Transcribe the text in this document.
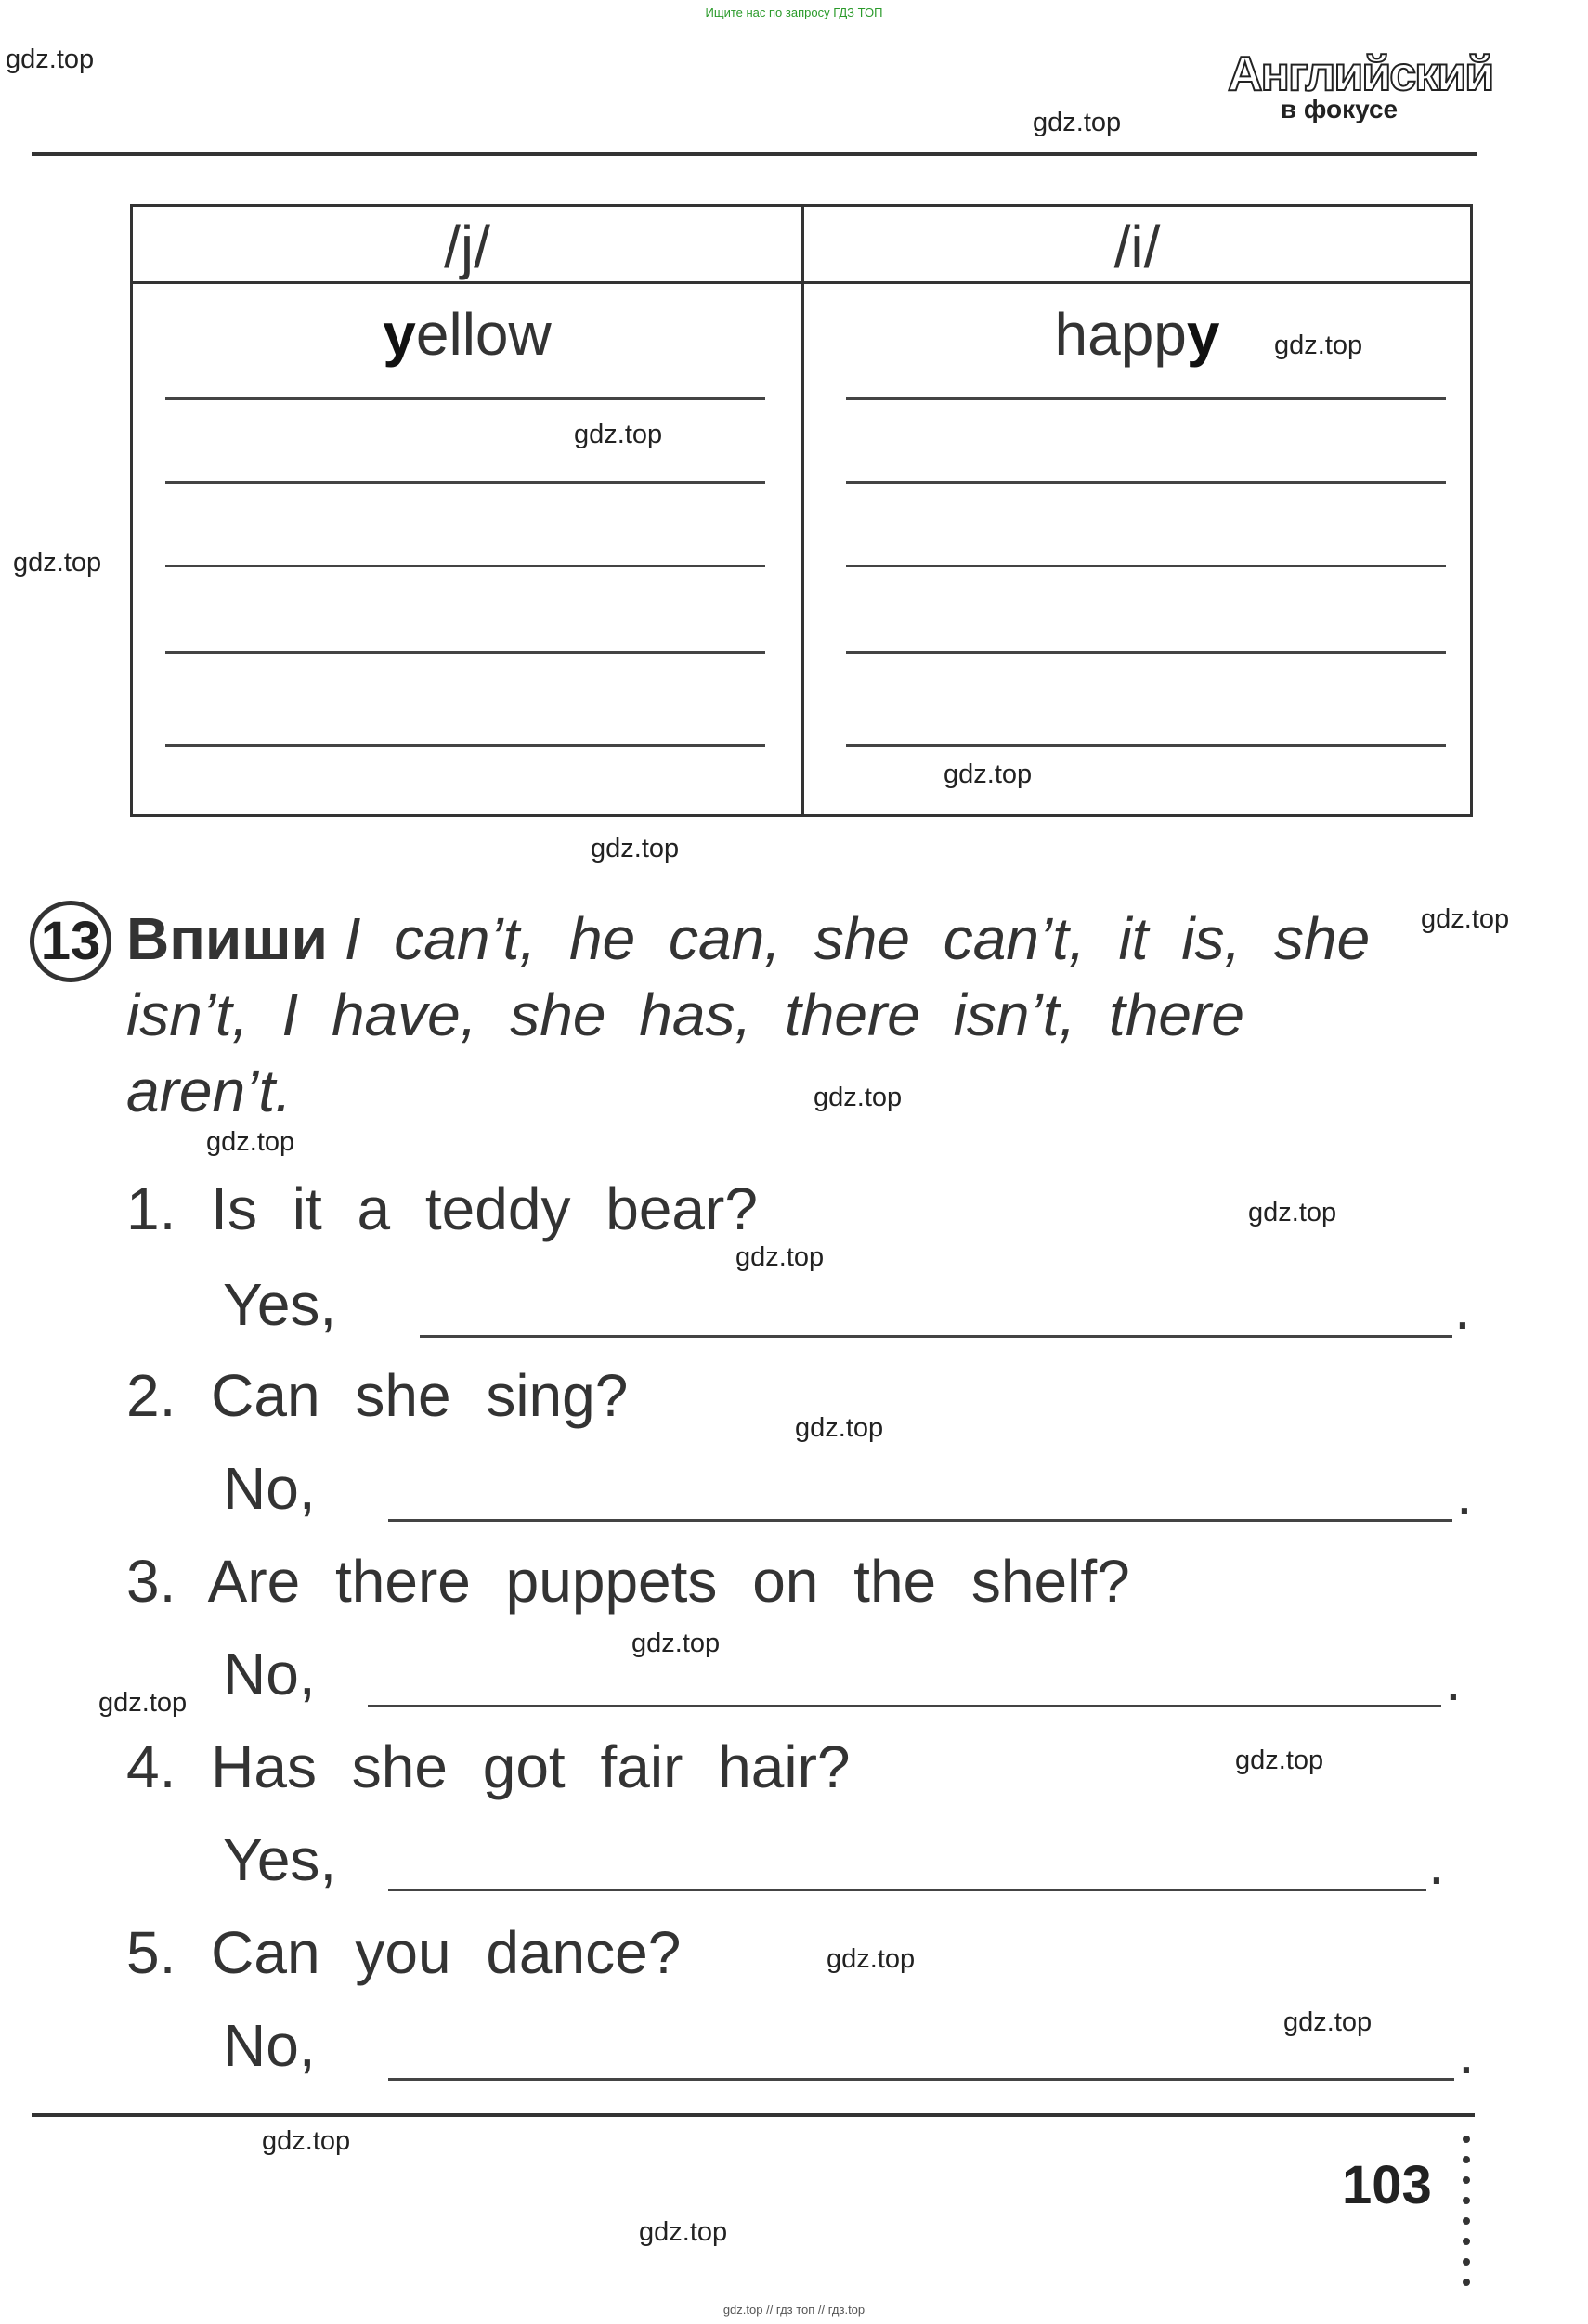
Ищите нас по запросу ГДЗ ТОП
gdz.top
gdz.top
gdz.top
gdz.top
gdz.top
gdz.top
gdz.top
gdz.top
gdz.top
gdz.top
gdz.top
gdz.top
gdz.top
gdz.top
gdz.top
gdz.top
gdz.top
gdz.top
gdz.top
gdz.top
Английский
в фокусе
/j/	/i/
yellow	happy
13 Впиши I can’t, he can, she can’t, it is, she isn’t, I have, she has, there isn’t, there aren’t.
1. Is it a teddy bear?
Yes,	.
2. Can she sing?
No,	.
3. Are there puppets on the shelf?
No,	.
4. Has she got fair hair?
Yes,	.
5. Can you dance?
No,	.
103
gdz.top // гдз топ // гдз.top
